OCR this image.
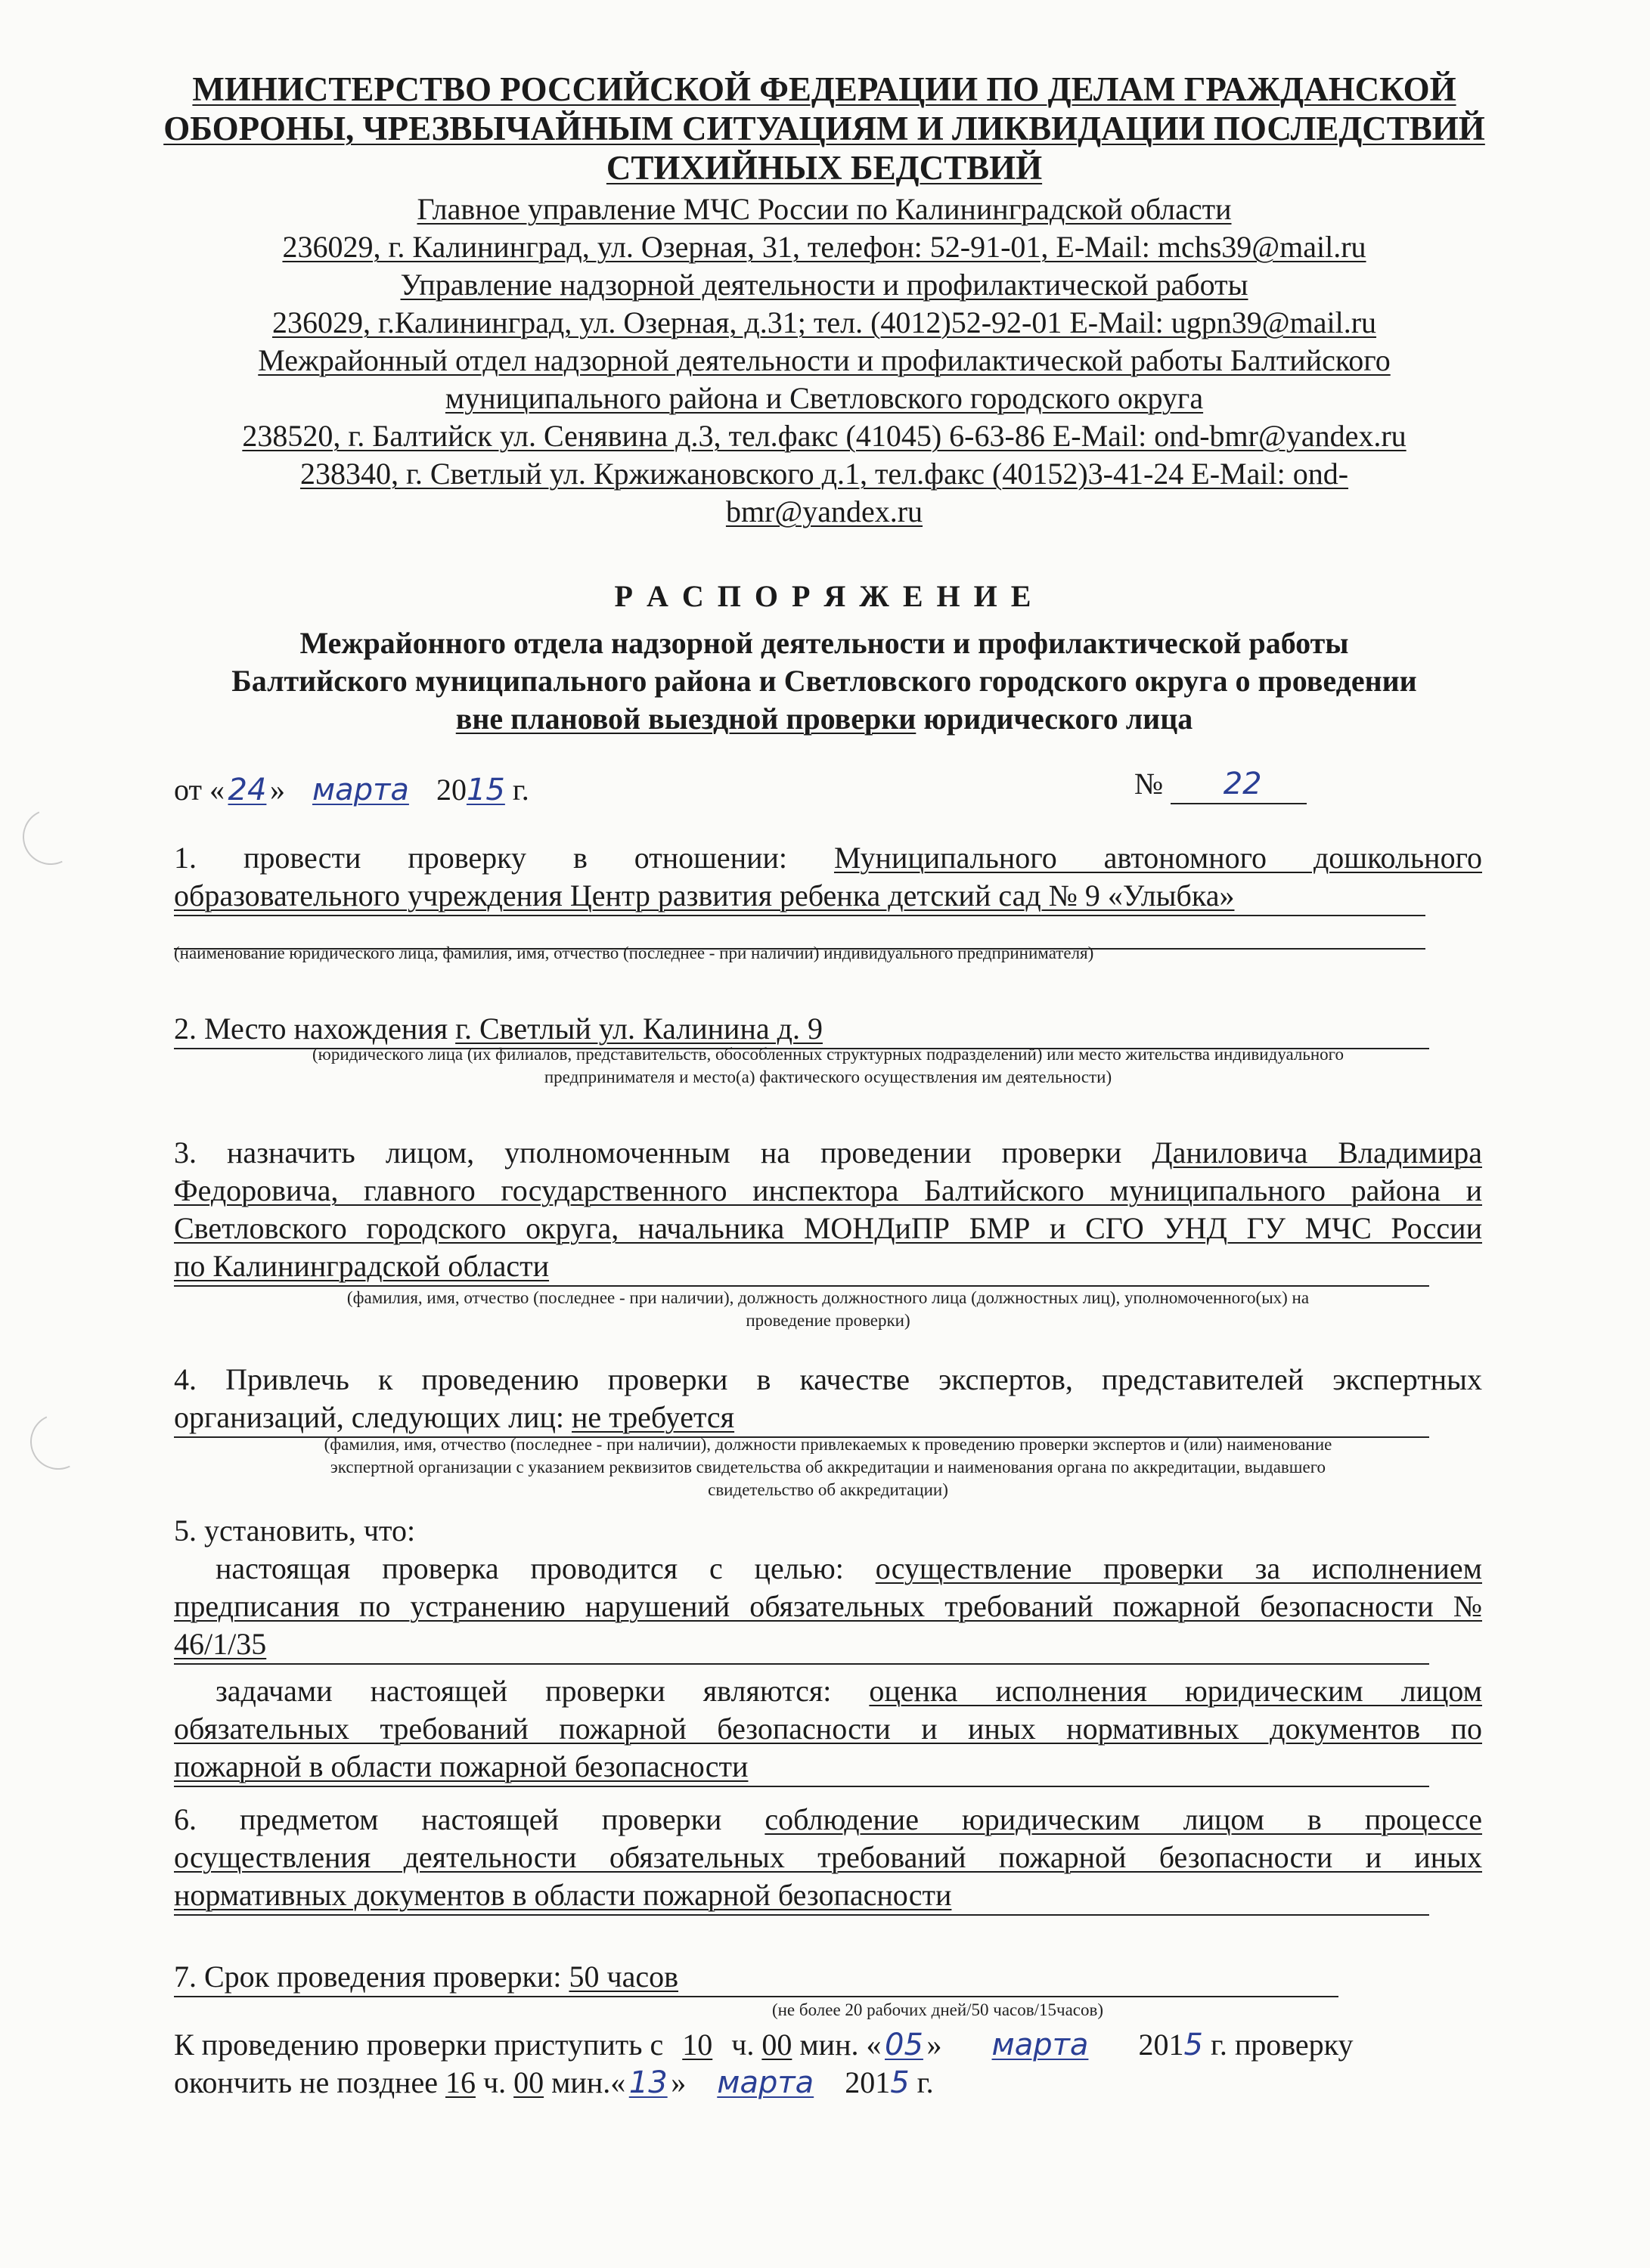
МИНИСТЕРСТВО РОССИЙСКОЙ ФЕДЕРАЦИИ ПО ДЕЛАМ ГРАЖДАНСКОЙ
ОБОРОНЫ, ЧРЕЗВЫЧАЙНЫМ СИТУАЦИЯМ И ЛИКВИДАЦИИ ПОСЛЕДСТВИЙ
СТИХИЙНЫХ БЕДСТВИЙ
Главное управление МЧС России по Калининградской области
236029, г. Калининград, ул. Озерная, 31, телефон: 52-91-01, E-Mail: mchs39@mail.ru
Управление надзорной деятельности и профилактической работы
236029, г.Калининград, ул. Озерная, д.31; тел. (4012)52-92-01 E-Mail: ugpn39@mail.ru
Межрайонный отдел надзорной деятельности и профилактической работы Балтийского
муниципального района и Светловского городского округа
238520, г. Балтийск ул. Сенявина д.3, тел.факс (41045) 6-63-86 E-Mail: ond-bmr@yandex.ru
238340, г. Светлый ул. Кржижановского д.1, тел.факс (40152)3-41-24 E-Mail: ond-
bmr@yandex.ru
Р А С П О Р Я Ж Е Н И Е
Межрайонного отдела надзорной деятельности и профилактической работы
Балтийского муниципального района и Светловского городского округа о проведении
вне плановой выездной проверки юридического лица
от « 24 » марта 2015 г.	№ 22
1. провести проверку в отношении: Муниципального автономного дошкольного
образовательного учреждения Центр развития ребенка детский сад № 9 «Улыбка»
(наименование юридического лица, фамилия, имя, отчество (последнее - при наличии) индивидуального предпринимателя)
2. Место нахождения г. Светлый ул. Калинина д. 9
(юридического лица (их филиалов, представительств, обособленных структурных подразделений) или место жительства индивидуального
предпринимателя и место(а) фактического осуществления им деятельности)
3. назначить лицом, уполномоченным на проведении проверки Даниловича Владимира
Федоровича, главного государственного инспектора Балтийского муниципального района и
Светловского городского округа, начальника МОНДиПР БМР и СГО УНД ГУ МЧС России
по Калининградской области
(фамилия, имя, отчество (последнее - при наличии), должность должностного лица (должностных лиц), уполномоченного(ых) на
проведение проверки)
4. Привлечь к проведению проверки в качестве экспертов, представителей экспертных
организаций, следующих лиц: не требуется
(фамилия, имя, отчество (последнее - при наличии), должности привлекаемых к проведению проверки экспертов и (или) наименование
экспертной организации с указанием реквизитов свидетельства об аккредитации и наименования органа по аккредитации, выдавшего
свидетельство об аккредитации)
5. установить, что:
настоящая проверка проводится с целью: осуществление проверки за исполнением
предписания по устранению нарушений обязательных требований пожарной безопасности №
46/1/35
задачами настоящей проверки являются: оценка исполнения юридическим лицом
обязательных требований пожарной безопасности и иных нормативных документов по
пожарной в области пожарной безопасности
6. предметом настоящей проверки соблюдение юридическим лицом в процессе
осуществления деятельности обязательных требований пожарной безопасности и иных
нормативных документов в области пожарной безопасности
7. Срок проведения проверки: 50 часов
(не более 20 рабочих дней/50 часов/15часов)
К проведению проверки приступить с 10 ч. 00 мин. « 05 » марта 2015 г. проверку
окончить не позднее 16 ч. 00 мин.« 13 » марта 2015 г.
